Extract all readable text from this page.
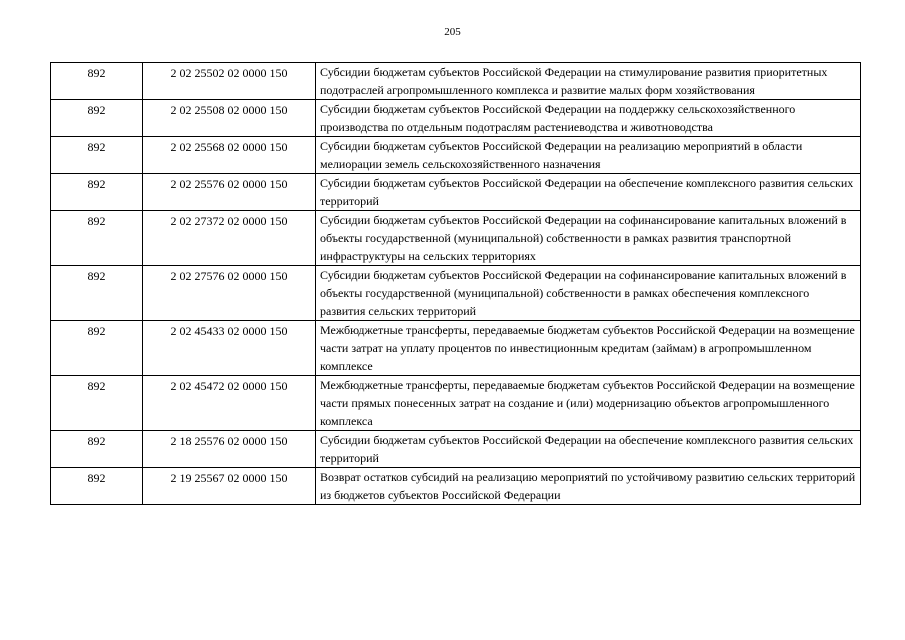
205
892	2 02 25502 02 0000 150	Субсидии бюджетам субъектов Российской Федерации на стимулирование развития приоритетных подотраслей агропромышленного комплекса и развитие малых форм хозяйствования
892	2 02 25508 02 0000 150	Субсидии бюджетам субъектов Российской Федерации на поддержку сельскохозяйственного производства по отдельным подотраслям растениеводства и животноводства
892	2 02 25568 02 0000 150	Субсидии бюджетам субъектов Российской Федерации на реализацию мероприятий в области мелиорации земель сельскохозяйственного назначения
892	2 02 25576 02 0000 150	Субсидии бюджетам субъектов Российской Федерации на обеспечение комплексного развития сельских территорий
892	2 02 27372 02 0000 150	Субсидии бюджетам субъектов Российской Федерации на софинансирование капитальных вложений в объекты государственной (муниципальной) собственности в рамках развития транспортной инфраструктуры на сельских территориях
892	2 02 27576 02 0000 150	Субсидии бюджетам субъектов Российской Федерации на софинансирование капитальных вложений в объекты государственной (муниципальной) собственности в рамках обеспечения комплексного развития сельских территорий
892	2 02 45433 02 0000 150	Межбюджетные трансферты, передаваемые бюджетам субъектов Российской Федерации на возмещение части затрат на уплату процентов по инвестиционным кредитам (займам) в агропромышленном комплексе
892	2 02 45472 02 0000 150	Межбюджетные трансферты, передаваемые бюджетам субъектов Российской Федерации на возмещение части прямых понесенных затрат на создание и (или) модернизацию объектов агропромышленного комплекса
892	2 18 25576 02 0000 150	Субсидии бюджетам субъектов Российской Федерации на обеспечение комплексного развития сельских территорий
892	2 19 25567 02 0000 150	Возврат остатков субсидий на реализацию мероприятий по устойчивому развитию сельских территорий из бюджетов субъектов Российской Федерации
